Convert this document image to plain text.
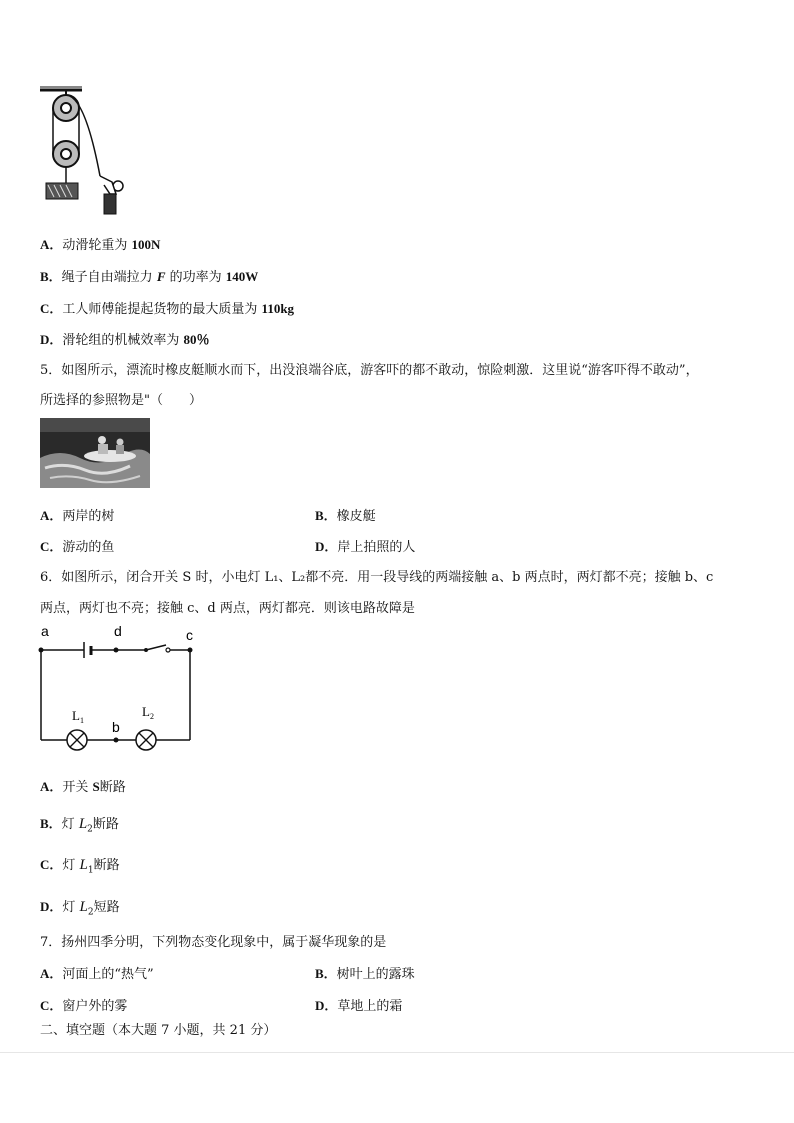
A．动滑轮重为 100N
B．绳子自由端拉力 F 的功率为 140W
C．工人师傅能提起货物的最大质量为 110kg
D．滑轮组的机械效率为 80％
5．如图所示，漂流时橡皮艇顺水而下，出没浪端谷底，游客吓的都不敢动，惊险刺激．这里说“游客吓得不敢动”，
所选择的参照物是"（　　）
A．两岸的树	B．橡皮艇
C．游动的鱼	D．岸上拍照的人
6．如图所示，闭合开关 S 时，小电灯 L₁、L₂都不亮．用一段导线的两端接触 a、b 两点时，两灯都不亮；接触 b、c
两点，两灯也不亮；接触 c、d 两点，两灯都亮．则该电路故障是
a	d	c
b
$L_1$
$L_2$
A．开关 S断路
B．灯 $L_2$断路
C．灯 $L_1$断路
D．灯 $L_2$短路
7．扬州四季分明，下列物态变化现象中，属于凝华现象的是
A．河面上的“热气”	B．树叶上的露珠
C．窗户外的雾	D．草地上的霜
二、填空题（本大题 7 小题，共 21 分）
